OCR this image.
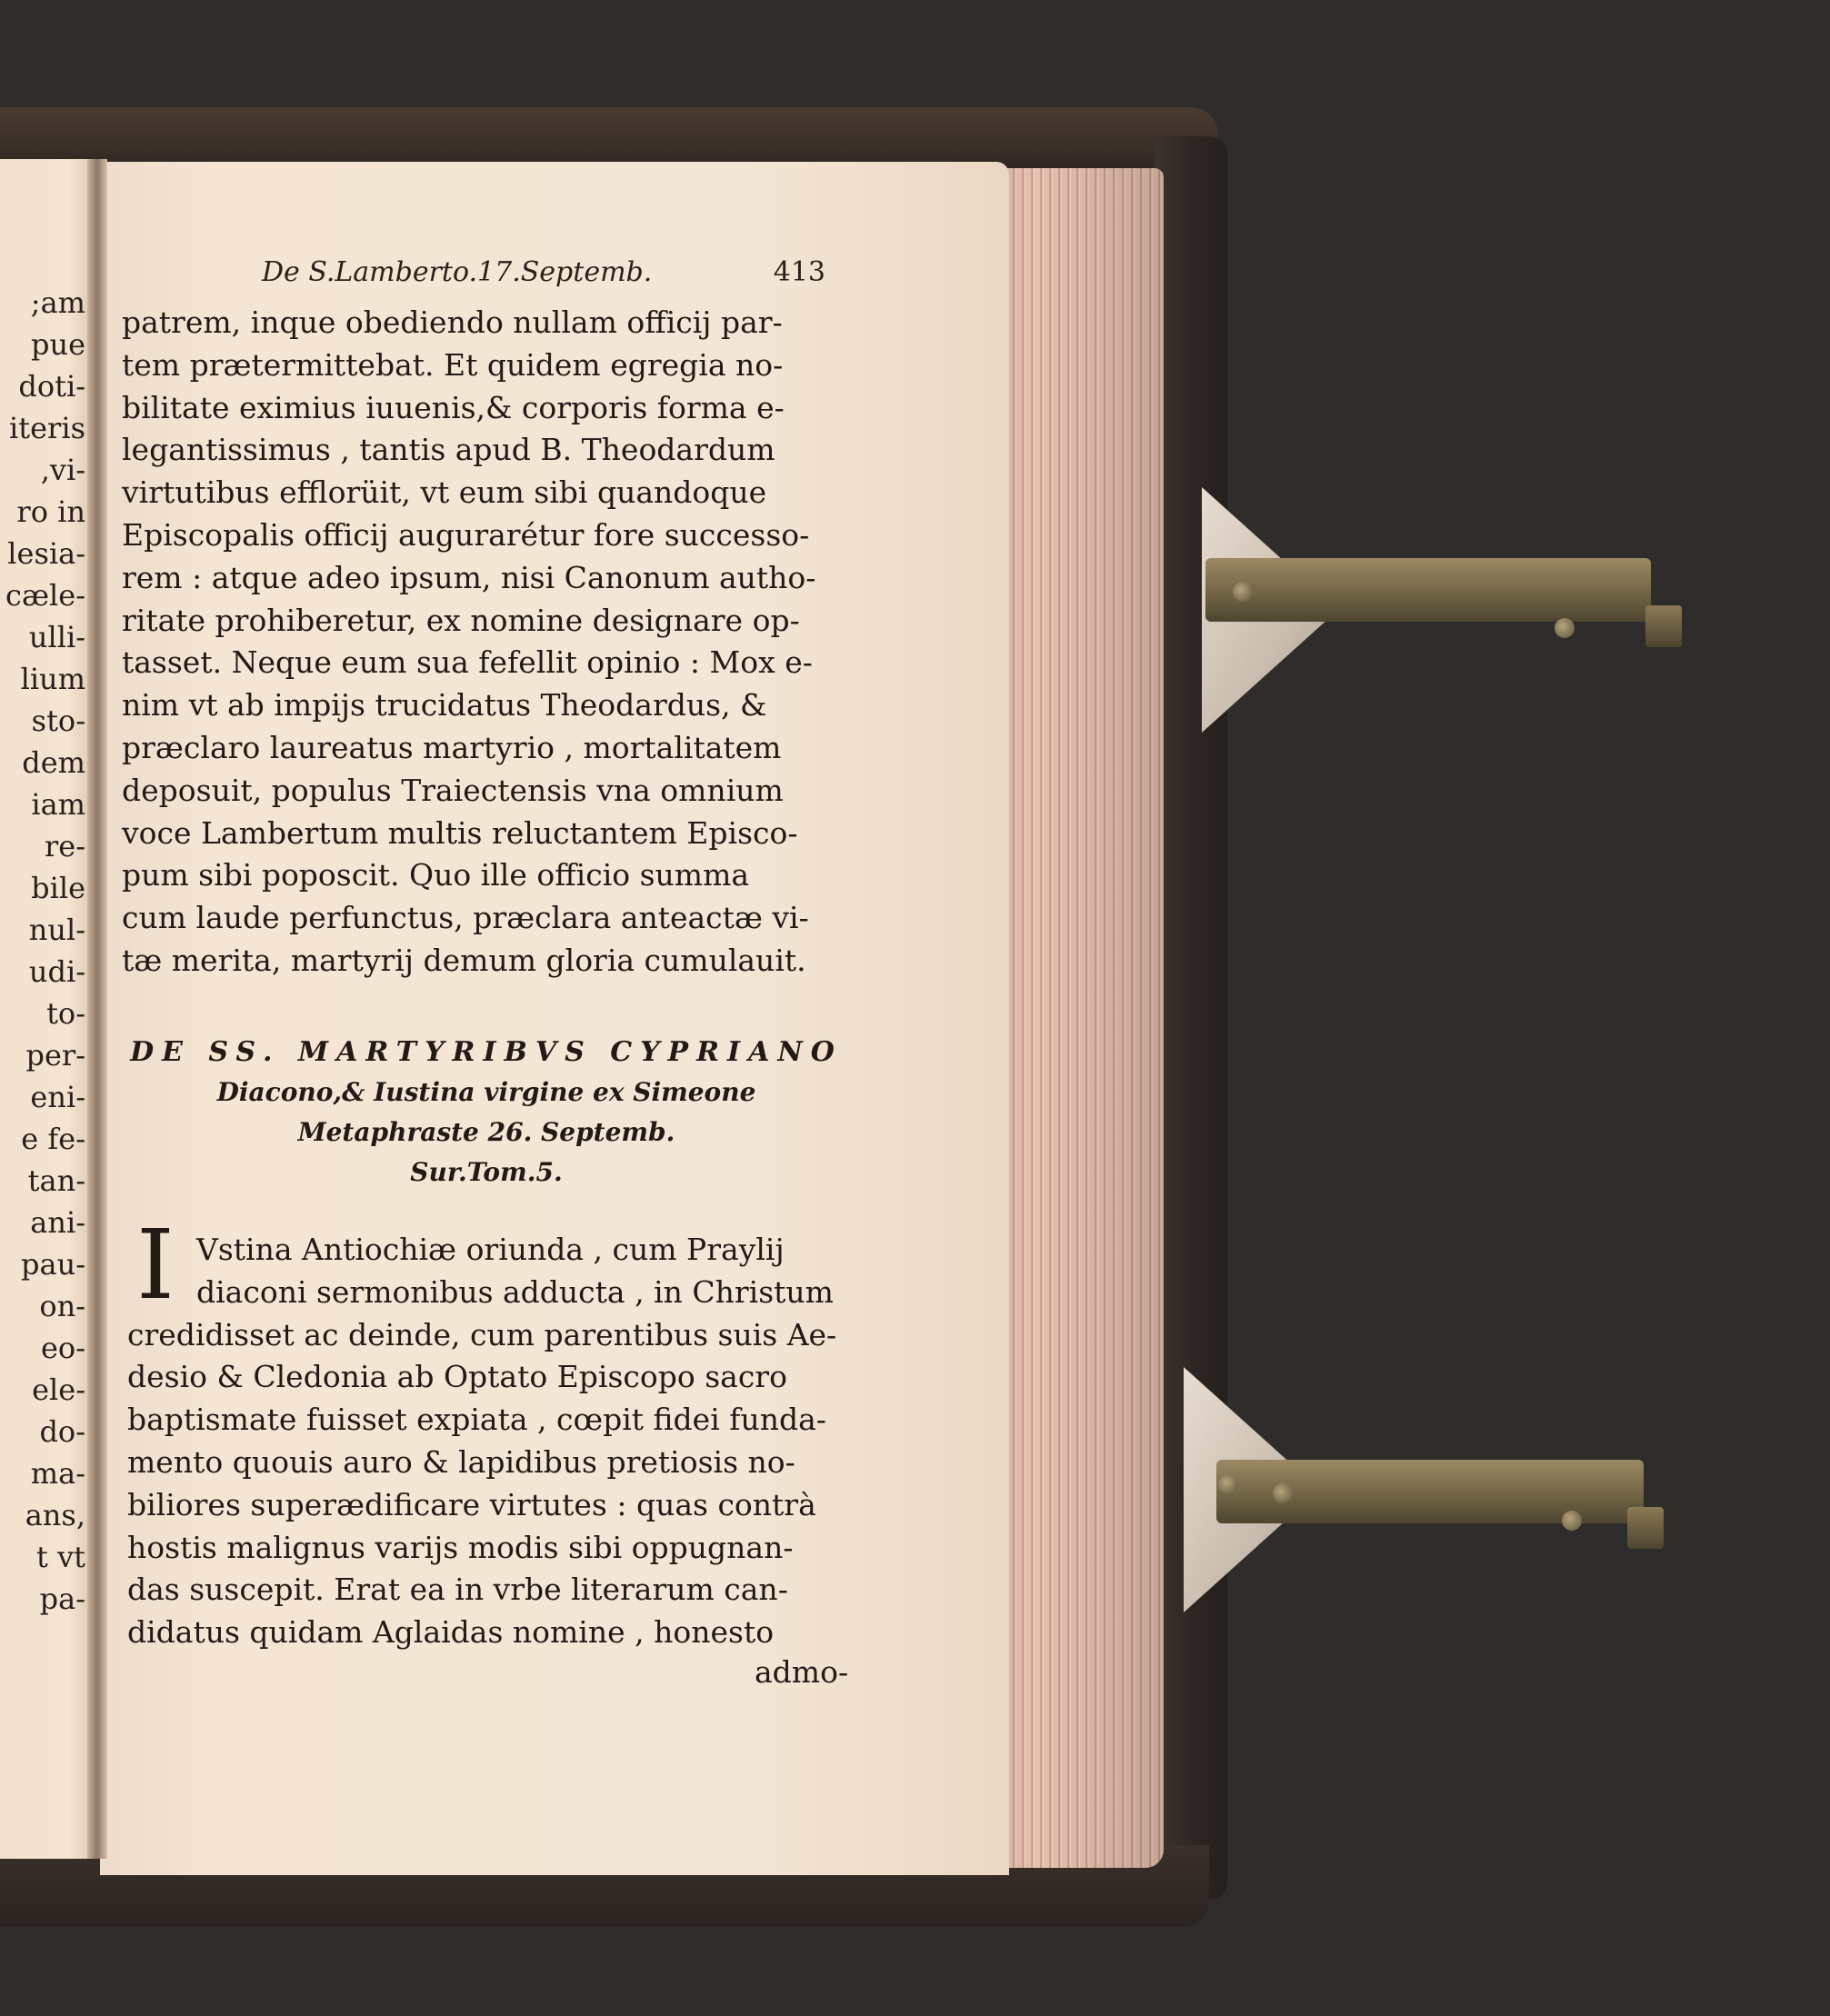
;am
puе
doti-
iteris
,vi-
ro in
lesia-
cæle-
ulli-
lium
sto-
dem
iam
re-
bile
nul-
udi-
to-
per-
eni-
e fe-
tan-
ani-
pau-
on-
eo-
ele-
do-
ma-
ans,
t vt
pa-
De S.Lamberto.17.Septemb.	413
patrem, inque obediendo nullam officij par-
tem prætermittebat. Et quidem egregia no-
bilitate eximius iuuenis,& corporis forma e-
legantissimus , tantis apud B. Theodardum
virtutibus efflorüit, vt eum sibi quandoque
Episcopalis officij augurarétur fore successo-
rem : atque adeo ipsum, nisi Canonum autho-
ritate prohiberetur, ex nomine designare op-
tasset. Neque eum sua fefellit opinio : Mox e-
nim vt ab impijs trucidatus Theodardus, &
præclaro laureatus martyrio , mortalitatem
deposuit, populus Traiectensis vna omnium
voce Lambertum multis reluctantem Episco-
pum sibi poposcit. Quo ille officio summa
cum laude perfunctus, præclara anteactæ vi-
tæ merita, martyrij demum gloria cumulauit.
DE SS. MARTYRIBVS CYPRIANO
Diacono,& Iustina virgine ex Simeone
Metaphraste 26. Septemb.
Sur.Tom.5.
I Vstina Antiochiæ oriunda , cum Praylij
diaconi sermonibus adducta , in Christum
credidisset ac deinde, cum parentibus suis Ae-
desio & Cledonia ab Optato Episcopo sacro
baptismate fuisset expiata , cœpit fidei funda-
mento quouis auro & lapidibus pretiosis no-
biliores superædificare virtutes : quas contrà
hostis malignus varijs modis sibi oppugnan-
das suscepit. Erat ea in vrbe literarum can-
didatus quidam Aglaidas nomine , honesto
admo-
